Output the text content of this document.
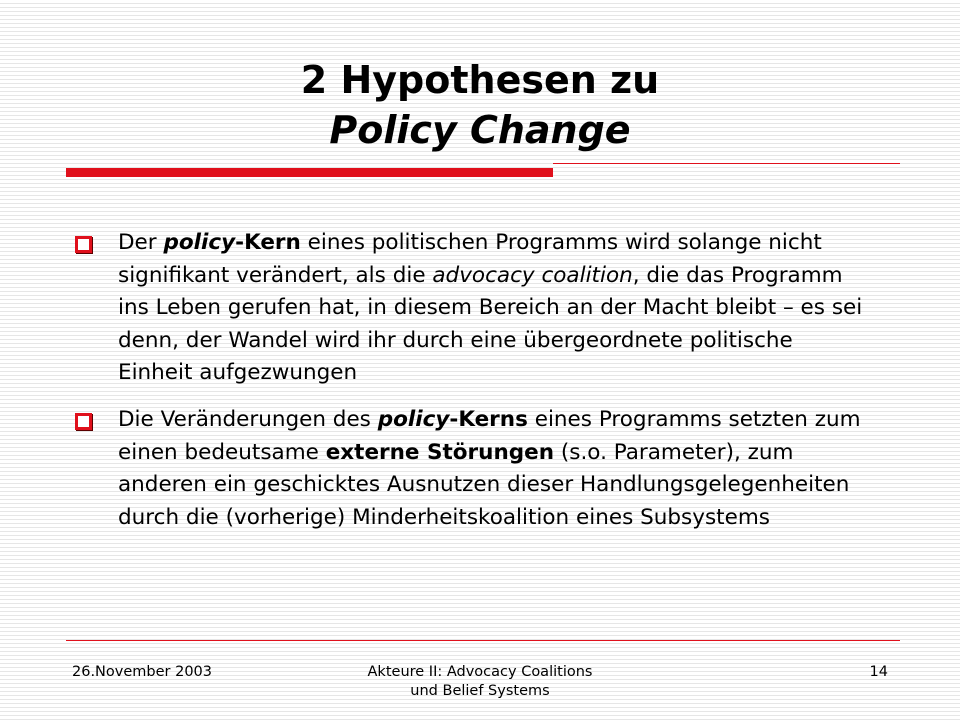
2 Hypothesen zu
Policy Change
Der policy-Kern eines politischen Programms wird solange nicht signifikant verändert, als die advocacy coalition, die das Programm ins Leben gerufen hat, in diesem Bereich an der Macht bleibt – es sei denn, der Wandel wird ihr durch eine übergeordnete politische Einheit aufgezwungen
Die Veränderungen des policy-Kerns eines Programms setzten zum einen bedeutsame externe Störungen (s.o. Parameter), zum anderen ein geschicktes Ausnutzen dieser Handlungsgelegenheiten durch die (vorherige) Minderheitskoalition eines Subsystems
26.November 2003	Akteure II: Advocacy Coalitions
und Belief Systems
14
